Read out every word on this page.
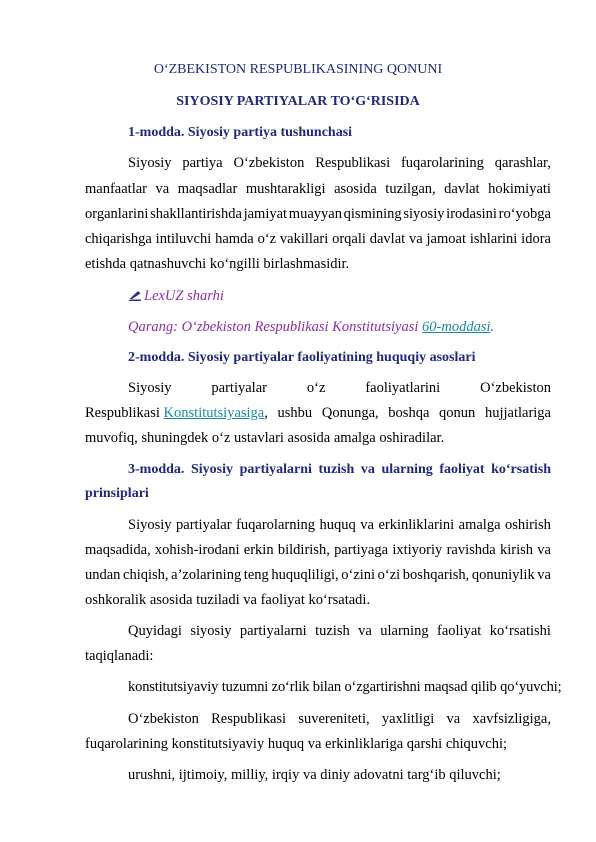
O‘ZBEKISTON RESPUBLIKASINING QONUNI
SIYOSIY PARTIYALAR TO‘G‘RISIDA
1-modda. Siyosiy partiya tushunchasi
Siyosiy partiya O‘zbekiston Respublikasi fuqarolarining qarashlar,
manfaatlar va maqsadlar mushtarakligi asosida tuzilgan, davlat hokimiyati
organlarini shakllantirishda jamiyat muayyan qismining siyosiy irodasini ro‘yobga
chiqarishga intiluvchi hamda o‘z vakillari orqali davlat va jamoat ishlarini idora
etishda qatnashuvchi ko‘ngilli birlashmasidir.
LexUZ sharhi
Qarang: O‘zbekiston Respublikasi Konstitutsiyasi 60-moddasi.
2-modda. Siyosiy partiyalar faoliyatining huquqiy asoslari
Siyosiy	partiyalar	o‘z	faoliyatlarini	O‘zbekiston
Respublikasi Konstitutsiyasiga, ushbu Qonunga, boshqa qonun hujjatlariga
muvofiq, shuningdek o‘z ustavlari asosida amalga oshiradilar.
3-modda. Siyosiy partiyalarni tuzish va ularning faoliyat ko‘rsatish
prinsiplari
Siyosiy partiyalar fuqarolarning huquq va erkinliklarini amalga oshirish
maqsadida, xohish-irodani erkin bildirish, partiyaga ixtiyoriy ravishda kirish va
undan chiqish, a’zolarining teng huquqliligi, o‘zini o‘zi boshqarish, qonuniylik va
oshkoralik asosida tuziladi va faoliyat ko‘rsatadi.
Quyidagi siyosiy partiyalarni tuzish va ularning faoliyat ko‘rsatishi
taqiqlanadi:
konstitutsiyaviy tuzumni zo‘rlik bilan o‘zgartirishni maqsad qilib qo‘yuvchi;
O‘zbekiston Respublikasi suvereniteti, yaxlitligi va xavfsizligiga,
fuqarolarining konstitutsiyaviy huquq va erkinliklariga qarshi chiquvchi;
urushni, ijtimoiy, milliy, irqiy va diniy adovatni targ‘ib qiluvchi;
